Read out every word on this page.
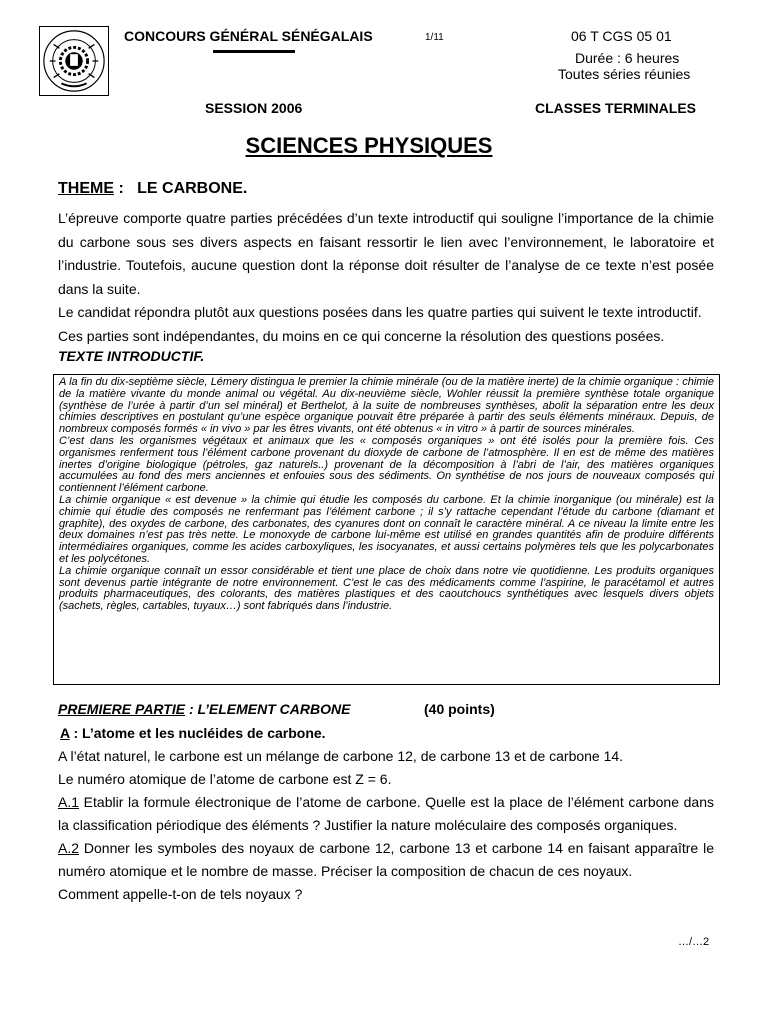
CONCOURS GÉNÉRAL SÉNÉGALAIS	1/11	06 T CGS 05 01
Durée : 6 heures
Toutes séries réunies
SESSION 2006	CLASSES TERMINALES
SCIENCES PHYSIQUES
THEME : LE CARBONE.

L’épreuve comporte quatre parties précédées d’un texte introductif qui souligne l’importance de la chimie du carbone sous ses divers aspects en faisant ressortir le lien avec l’environnement, le laboratoire et l’industrie. Toutefois, aucune question dont la réponse doit résulter de l’analyse de ce texte n’est posée dans la suite.

Le candidat répondra plutôt aux questions posées dans les quatre parties qui suivent le texte introductif.

Ces parties sont indépendantes, du moins en ce qui concerne la résolution des questions posées.

TEXTE INTRODUCTIF.

A la fin du dix-septième siècle, Lémery distingua le premier la chimie minérale (ou de la matière inerte) de la chimie organique : chimie de la matière vivante du monde animal ou végétal. Au dix-neuvième siècle, Wohler réussit la première synthèse totale organique (synthèse de l’urée à partir d’un sel minéral) et Berthelot, à la suite de nombreuses synthèses, abolit la séparation entre les deux chimies descriptives en postulant qu’une espèce organique pouvait être préparée à partir des seuls éléments minéraux. Depuis, de nombreux composés formés « in vivo » par les êtres vivants, ont été obtenus « in vitro » à partir de sources minérales.

C’est dans les organismes végétaux et animaux que les « composés organiques » ont été isolés pour la première fois. Ces organismes renferment tous l’élément carbone provenant du dioxyde de carbone de l’atmosphère. Il en est de même des matières inertes d’origine biologique (pétroles, gaz naturels..) provenant de la décomposition à l’abri de l’air, des matières organiques accumulées au fond des mers anciennes et enfouies sous des sédiments. On synthétise de nos jours de nouveaux composés qui contiennent l’élément carbone.

La chimie organique « est devenue » la chimie qui étudie les composés du carbone. Et la chimie inorganique (ou minérale) est la chimie qui étudie des composés ne renfermant pas l’élément carbone ; il s’y rattache cependant l’étude du carbone (diamant et graphite), des oxydes de carbone, des carbonates, des cyanures dont on connaît le caractère minéral. A ce niveau la limite entre les deux domaines n’est pas très nette. Le monoxyde de carbone lui-même est utilisé en grandes quantités afin de produire différents intermédiaires organiques, comme les acides carboxyliques, les isocyanates, et aussi certains polymères tels que les polycarbonates et les polycétones.

La chimie organique connaît un essor considérable et tient une place de choix dans notre vie quotidienne. Les produits organiques sont devenus partie intégrante de notre environnement. C’est le cas des médicaments comme l’aspirine, le paracétamol et autres produits pharmaceutiques, des colorants, des matières plastiques et des caoutchoucs synthétiques avec lesquels divers objets (sachets, règles, cartables, tuyaux…) sont fabriqués dans l’industrie.

PREMIERE PARTIE : L’ELEMENT CARBONE	(40 points)

A : L’atome et les nucléides de carbone.

A l’état naturel, le carbone est un mélange de carbone 12, de carbone 13 et de carbone 14.

Le numéro atomique de l’atome de carbone est Z = 6.

A.1 Etablir la formule électronique de l’atome de carbone. Quelle est la place de l’élément carbone dans la classification périodique des éléments ? Justifier la nature moléculaire des composés organiques.

A.2 Donner les symboles des noyaux de carbone 12, carbone 13 et carbone 14 en faisant apparaître le numéro atomique et le nombre de masse. Préciser la composition de chacun de ces noyaux.

Comment appelle-t-on de tels noyaux ?

…/…2
